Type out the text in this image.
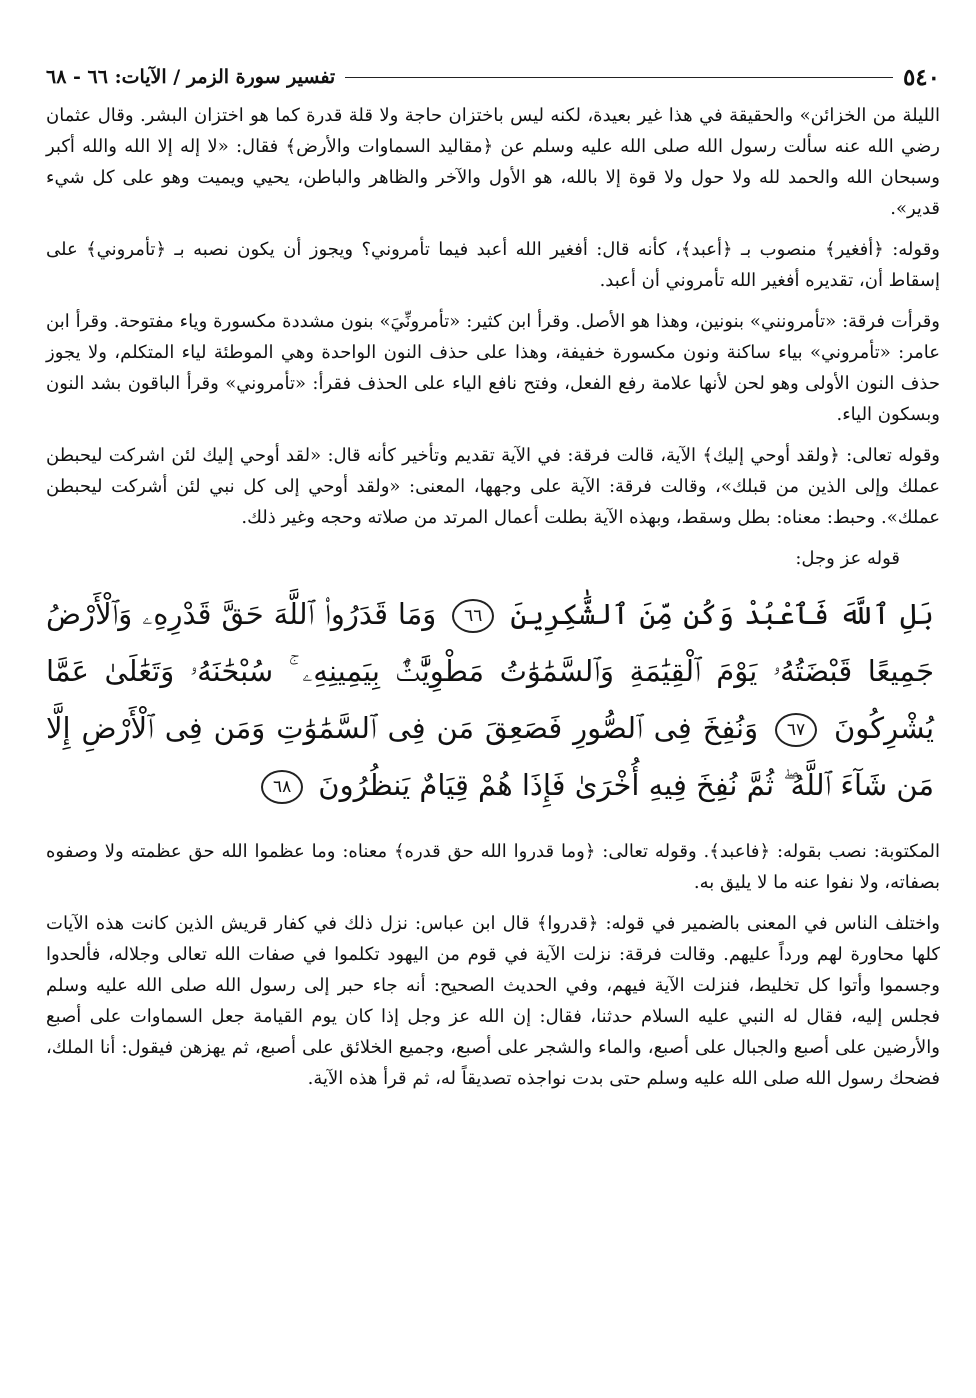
٥٤٠
تفسير سورة الزمر / الآيات: ٦٦ - ٦٨

الليلة من الخزائن» والحقيقة في هذا غير بعيدة، لكنه ليس باختزان حاجة ولا قلة قدرة كما هو اختزان البشر. وقال عثمان رضي الله عنه سألت رسول الله صلى الله عليه وسلم عن ﴿مقاليد السماوات والأرض﴾ فقال: «لا إله إلا الله والله أكبر وسبحان الله والحمد لله ولا حول ولا قوة إلا بالله، هو الأول والآخر والظاهر والباطن، يحيي ويميت وهو على كل شيء قدير».

وقوله: ﴿أفغير﴾ منصوب بـ ﴿أعبد﴾، كأنه قال: أفغير الله أعبد فيما تأمروني؟ ويجوز أن يكون نصبه بـ ﴿تأمروني﴾ على إسقاط أن، تقديره أفغير الله تأمروني أن أعبد.

وقرأت فرقة: «تأمرونني» بنونين، وهذا هو الأصل. وقرأ ابن كثير: «تأمرونِّيَ» بنون مشددة مكسورة وياء مفتوحة. وقرأ ابن عامر: «تأمروني» بياء ساكنة ونون مكسورة خفيفة، وهذا على حذف النون الواحدة وهي الموطئة لياء المتكلم، ولا يجوز حذف النون الأولى وهو لحن لأنها علامة رفع الفعل، وفتح نافع الياء على الحذف فقرأ: «تأمروني» وقرأ الباقون بشد النون وبسكون الياء.

وقوله تعالى: ﴿ولقد أوحي إليك﴾ الآية، قالت فرقة: في الآية تقديم وتأخير كأنه قال: «لقد أوحي إليك لئن اشركت ليحبطن عملك وإلى الذين من قبلك»، وقالت فرقة: الآية على وجهها، المعنى: «ولقد أوحي إلى كل نبي لئن أشركت ليحبطن عملك». وحبط: معناه: بطل وسقط، وبهذه الآية بطلت أعمال المرتد من صلاته وحجه وغير ذلك.

قوله عز وجل:
بَلِ ٱللَّهَ فَٱعْبُدْ وَكُن مِّنَ ٱلشَّٰكِرِينَ ٦٦ وَمَا قَدَرُوا۟ ٱللَّهَ حَقَّ قَدْرِهِۦ وَٱلْأَرْضُ جَمِيعًا قَبْضَتُهُۥ يَوْمَ ٱلْقِيَٰمَةِ وَٱلسَّمَٰوَٰتُ مَطْوِيَّٰتٌۢ بِيَمِينِهِۦ ۚ سُبْحَٰنَهُۥ وَتَعَٰلَىٰ عَمَّا يُشْرِكُونَ ٦٧ وَنُفِخَ فِى ٱلصُّورِ فَصَعِقَ مَن فِى ٱلسَّمَٰوَٰتِ وَمَن فِى ٱلْأَرْضِ إِلَّا مَن شَآءَ ٱللَّهُ ۖ ثُمَّ نُفِخَ فِيهِ أُخْرَىٰ فَإِذَا هُمْ قِيَامٌ يَنظُرُونَ ٦٨

المكتوبة: نصب بقوله: ﴿فاعبد﴾. وقوله تعالى: ﴿وما قدروا الله حق قدره﴾ معناه: وما عظموا الله حق عظمته ولا وصفوه بصفاته، ولا نفوا عنه ما لا يليق به.

واختلف الناس في المعنى بالضمير في قوله: ﴿قدروا﴾ قال ابن عباس: نزل ذلك في كفار قريش الذين كانت هذه الآيات كلها محاورة لهم ورداً عليهم. وقالت فرقة: نزلت الآية في قوم من اليهود تكلموا في صفات الله تعالى وجلاله، فألحدوا وجسموا وأتوا كل تخليط، فنزلت الآية فيهم، وفي الحديث الصحيح: أنه جاء حبر إلى رسول الله صلى الله عليه وسلم فجلس إليه، فقال له النبي عليه السلام حدثنا، فقال: إن الله عز وجل إذا كان يوم القيامة جعل السماوات على أصبع والأرضين على أصبع والجبال على أصبع، والماء والشجر على أصبع، وجميع الخلائق على أصبع، ثم يهزهن فيقول: أنا الملك، فضحك رسول الله صلى الله عليه وسلم حتى بدت نواجذه تصديقاً له، ثم قرأ هذه الآية.
